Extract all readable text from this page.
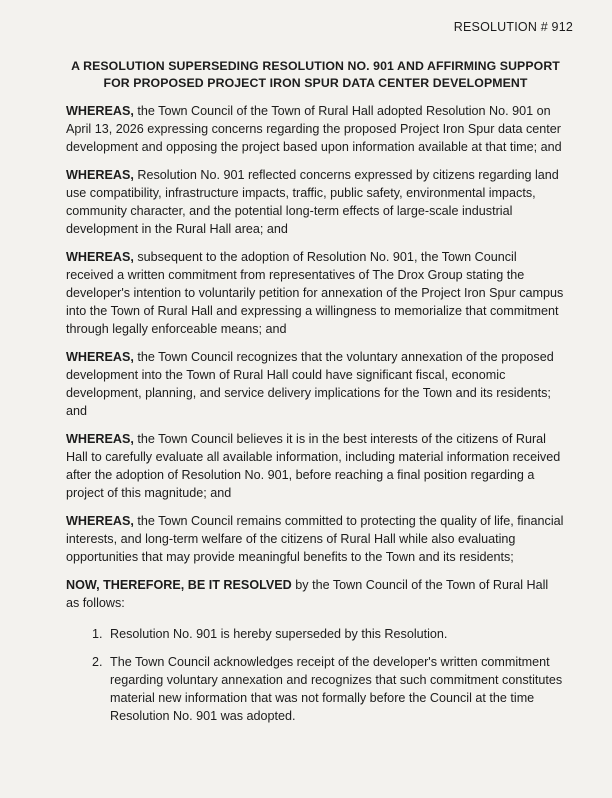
RESOLUTION # 912
A RESOLUTION SUPERSEDING RESOLUTION NO. 901 AND AFFIRMING SUPPORT FOR PROPOSED PROJECT IRON SPUR DATA CENTER DEVELOPMENT

WHEREAS, the Town Council of the Town of Rural Hall adopted Resolution No. 901 on April 13, 2026 expressing concerns regarding the proposed Project Iron Spur data center development and opposing the project based upon information available at that time; and

WHEREAS, Resolution No. 901 reflected concerns expressed by citizens regarding land use compatibility, infrastructure impacts, traffic, public safety, environmental impacts, community character, and the potential long-term effects of large-scale industrial development in the Rural Hall area; and

WHEREAS, subsequent to the adoption of Resolution No. 901, the Town Council received a written commitment from representatives of The Drox Group stating the developer's intention to voluntarily petition for annexation of the Project Iron Spur campus into the Town of Rural Hall and expressing a willingness to memorialize that commitment through legally enforceable means; and

WHEREAS, the Town Council recognizes that the voluntary annexation of the proposed development into the Town of Rural Hall could have significant fiscal, economic development, planning, and service delivery implications for the Town and its residents; and

WHEREAS, the Town Council believes it is in the best interests of the citizens of Rural Hall to carefully evaluate all available information, including material information received after the adoption of Resolution No. 901, before reaching a final position regarding a project of this magnitude; and

WHEREAS, the Town Council remains committed to protecting the quality of life, financial interests, and long-term welfare of the citizens of Rural Hall while also evaluating opportunities that may provide meaningful benefits to the Town and its residents;

NOW, THEREFORE, BE IT RESOLVED by the Town Council of the Town of Rural Hall as follows:

1. Resolution No. 901 is hereby superseded by this Resolution.
2. The Town Council acknowledges receipt of the developer's written commitment regarding voluntary annexation and recognizes that such commitment constitutes material new information that was not formally before the Council at the time Resolution No. 901 was adopted.
